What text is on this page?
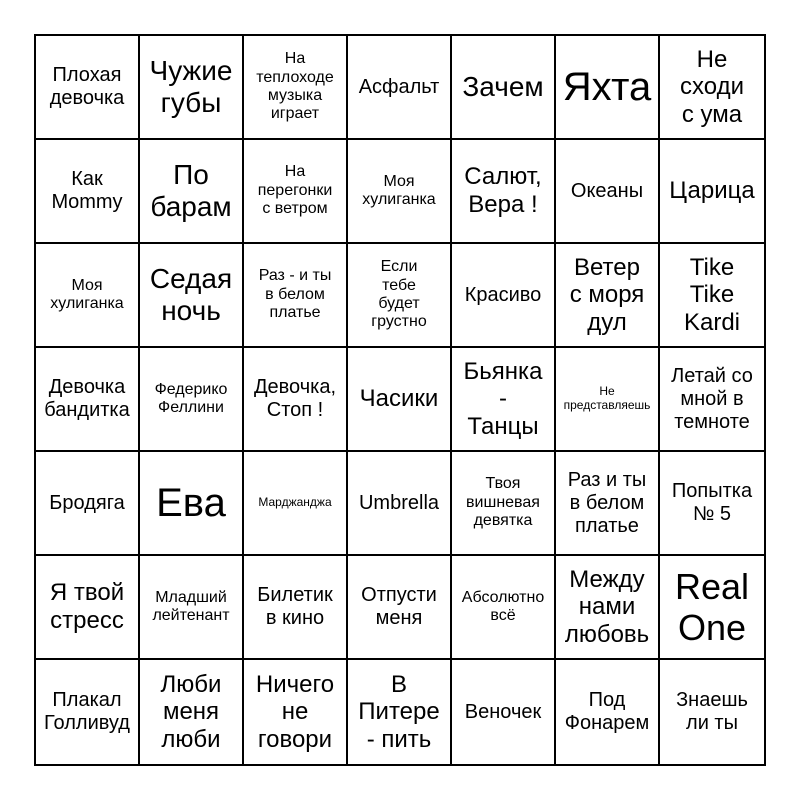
Плохая
девочка
Чужие
губы
На
теплоходе
музыка
играет
Асфальт Зачем Яхта
Не
сходи
с ума
Как
Mommy
По
барам
На
перегонки
с ветром
Моя
хулиганка
Салют,
Вера !
Океаны Царица
Моя
хулиганка
Седая
ночь
Раз - и ты
в белом
платье
Если
тебе
будет
грустно
Красиво
Ветер
с моря
дул
Tike
Tike
Kardi
Девочка
бандитка
Федерико
Феллини
Девочка,
Стоп !	Часики
Бьянка
-
Танцы
Не
представляешь
Летай со
мной в
темноте
Бродяга Ева	Марджанджа Umbrella
Твоя
вишневая
девятка
Раз и ты
в белом
платье
Попытка
№ 5
Я твой
стресс
Младший
лейтенант
Билетик
в кино
Отпусти
меня
Абсолютно
всё
Между
нами
любовь
Real
One
Плакал
Голливуд
Люби
меня
люби
Ничего
не
говори
В
Питере
- пить
Веночек
Под
Фонарем
Знаешь
ли ты
